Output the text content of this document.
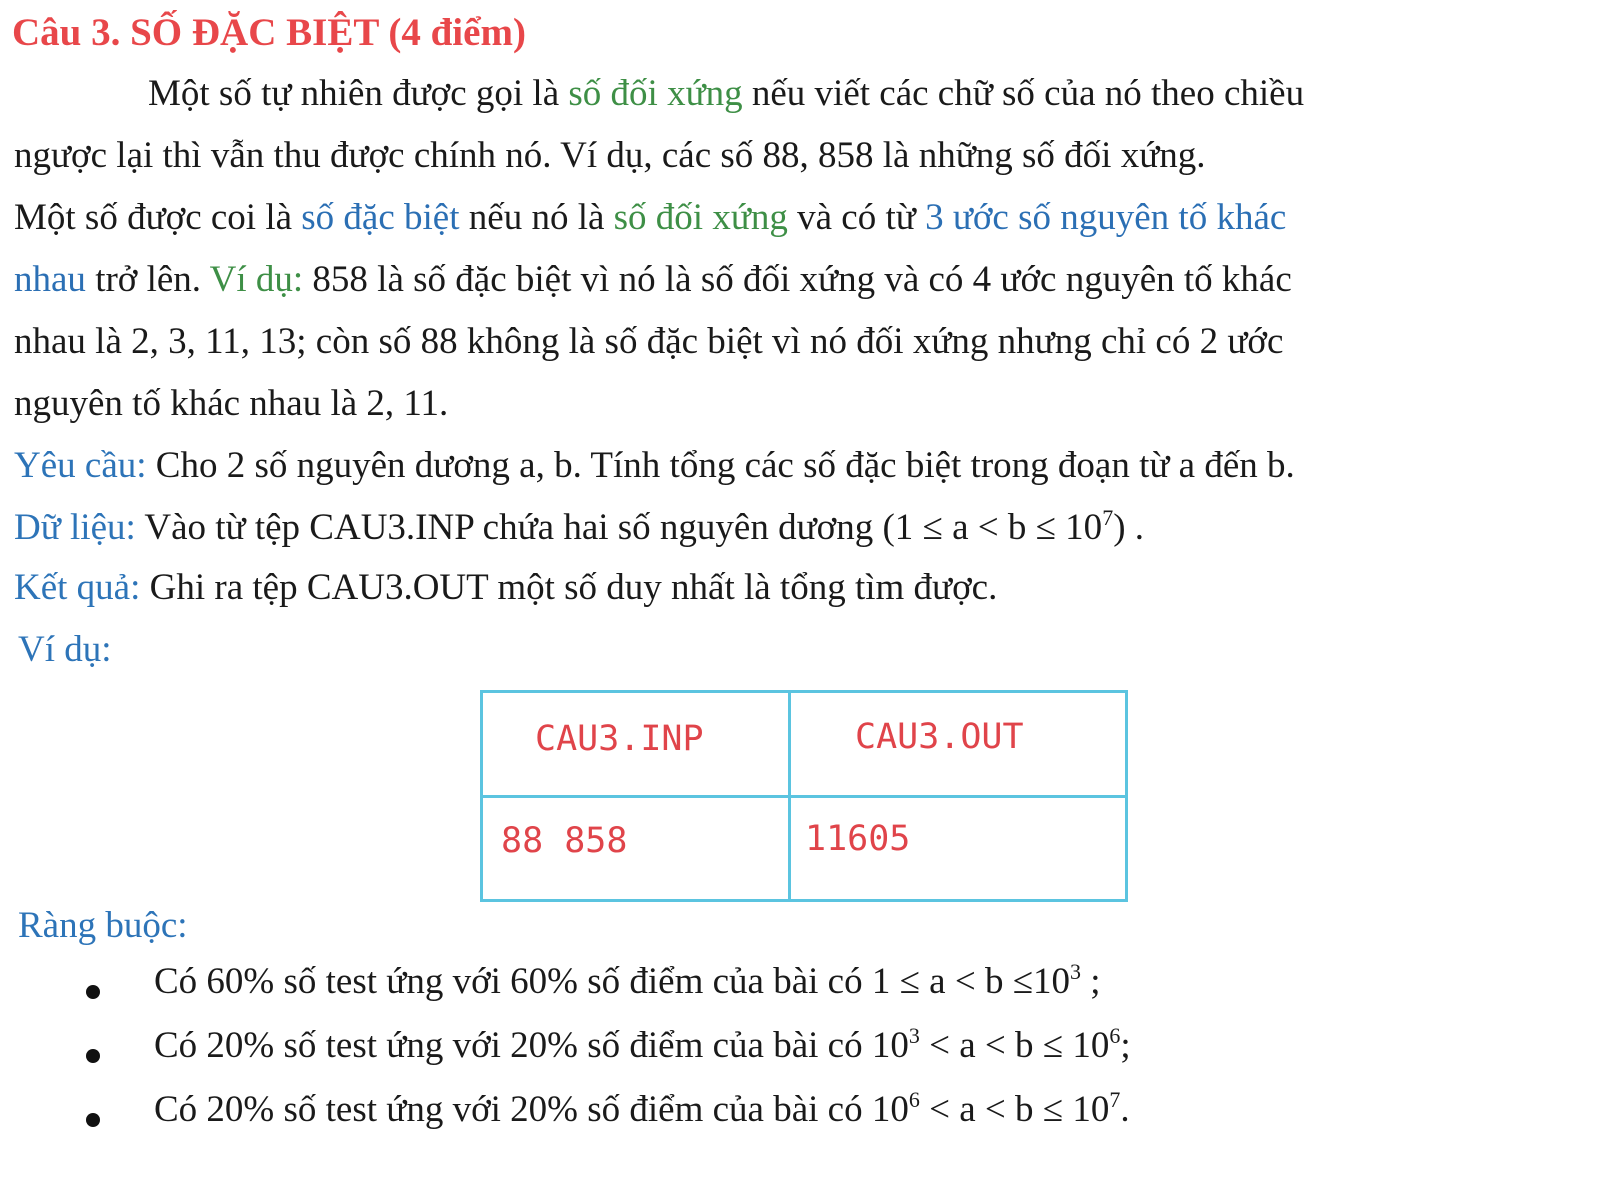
Câu 3. SỐ ĐẶC BIỆT (4 điểm)
Một số tự nhiên được gọi là số đối xứng nếu viết các chữ số của nó theo chiều
ngược lại thì vẫn thu được chính nó. Ví dụ, các số 88, 858 là những số đối xứng.
Một số được coi là số đặc biệt nếu nó là số đối xứng và có từ 3 ước số nguyên tố khác
nhau trở lên. Ví dụ: 858 là số đặc biệt vì nó là số đối xứng và có 4 ước nguyên tố khác
nhau là 2, 3, 11, 13; còn số 88 không là số đặc biệt vì nó đối xứng nhưng chỉ có 2 ước
nguyên tố khác nhau là 2, 11.
Yêu cầu: Cho 2 số nguyên dương a, b. Tính tổng các số đặc biệt trong đoạn từ a đến b.
Dữ liệu: Vào từ tệp CAU3.INP chứa hai số nguyên dương $(1 \le a < b \le 10^7)$ .
Kết quả: Ghi ra tệp CAU3.OUT một số duy nhất là tổng tìm được.
Ví dụ:
CAU3.INP	CAU3.OUT
88 858	11605
Ràng buộc:
Có 60% số test ứng với 60% số điểm của bài có $1 \le a < b \le 10^3$ ;
Có 20% số test ứng với 20% số điểm của bài có $10^3 < a < b \le 10^6$;
Có 20% số test ứng với 20% số điểm của bài có $10^6 < a < b \le 10^7$.
